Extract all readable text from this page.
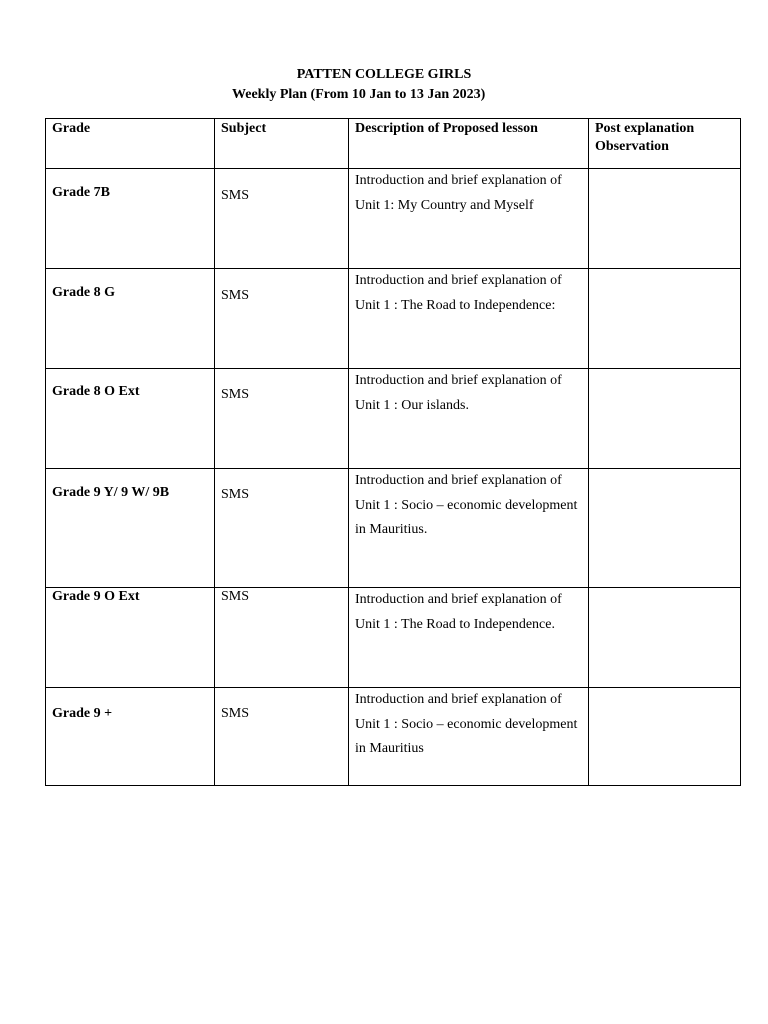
PATTEN COLLEGE GIRLS
Weekly Plan (From 10 Jan to 13 Jan 2023)
Grade	Subject	Description of Proposed lesson	Post explanation Observation

Grade 7B	SMS	Introduction and brief explanation of
Unit 1: My Country and Myself	

Grade 8 G	SMS	Introduction and brief explanation of
Unit 1 : The Road to Independence:	

Grade 8 O Ext	SMS	Introduction and brief explanation of
Unit 1 : Our islands.	

Grade 9 Y/ 9 W/ 9B	SMS	Introduction and brief explanation of
Unit 1 : Socio – economic development
in Mauritius.	

Grade 9 O Ext	SMS	Introduction and brief explanation of
Unit 1 : The Road to Independence.	

Grade 9 +	SMS	Introduction and brief explanation of
Unit 1 : Socio – economic development
in Mauritius	
